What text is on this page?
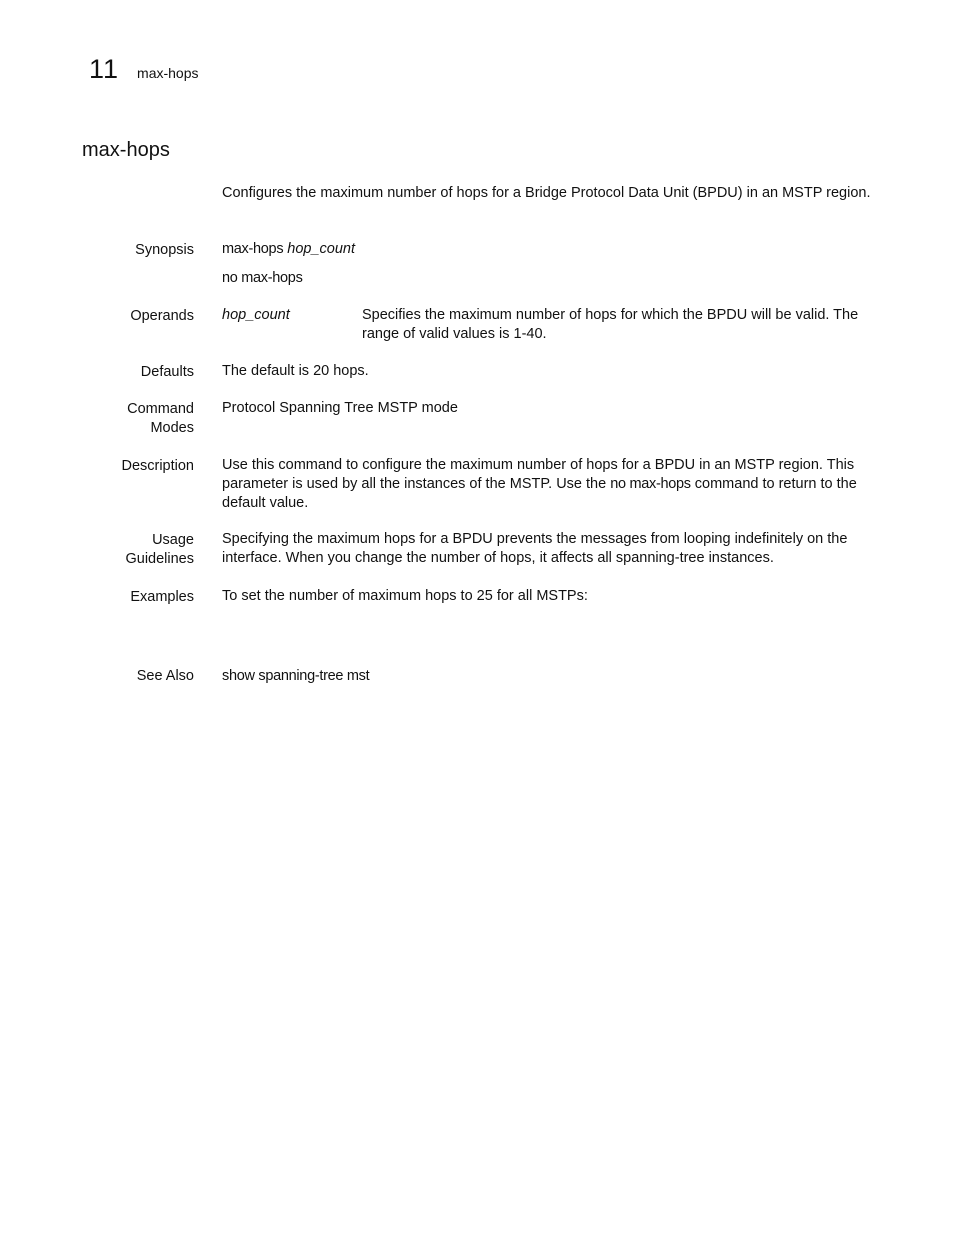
11 max-hops
max-hops
Configures the maximum number of hops for a Bridge Protocol Data Unit (BPDU) in an MSTP region.
Synopsis max-hops hop_count
no max-hops
Operands hop_count	Specifies the maximum number of hops for which the BPDU will be valid. The range of valid values is 1-40.
Defaults The default is 20 hops.
Command
Modes
Protocol Spanning Tree MSTP mode
Description Use this command to configure the maximum number of hops for a BPDU in an MSTP region. This parameter is used by all the instances of the MSTP. Use the no max-hops command to return to the default value.
Usage
Guidelines
Specifying the maximum hops for a BPDU prevents the messages from looping indefinitely on the interface. When you change the number of hops, it affects all spanning-tree instances.
Examples To set the number of maximum hops to 25 for all MSTPs:
See Also show spanning-tree mst
